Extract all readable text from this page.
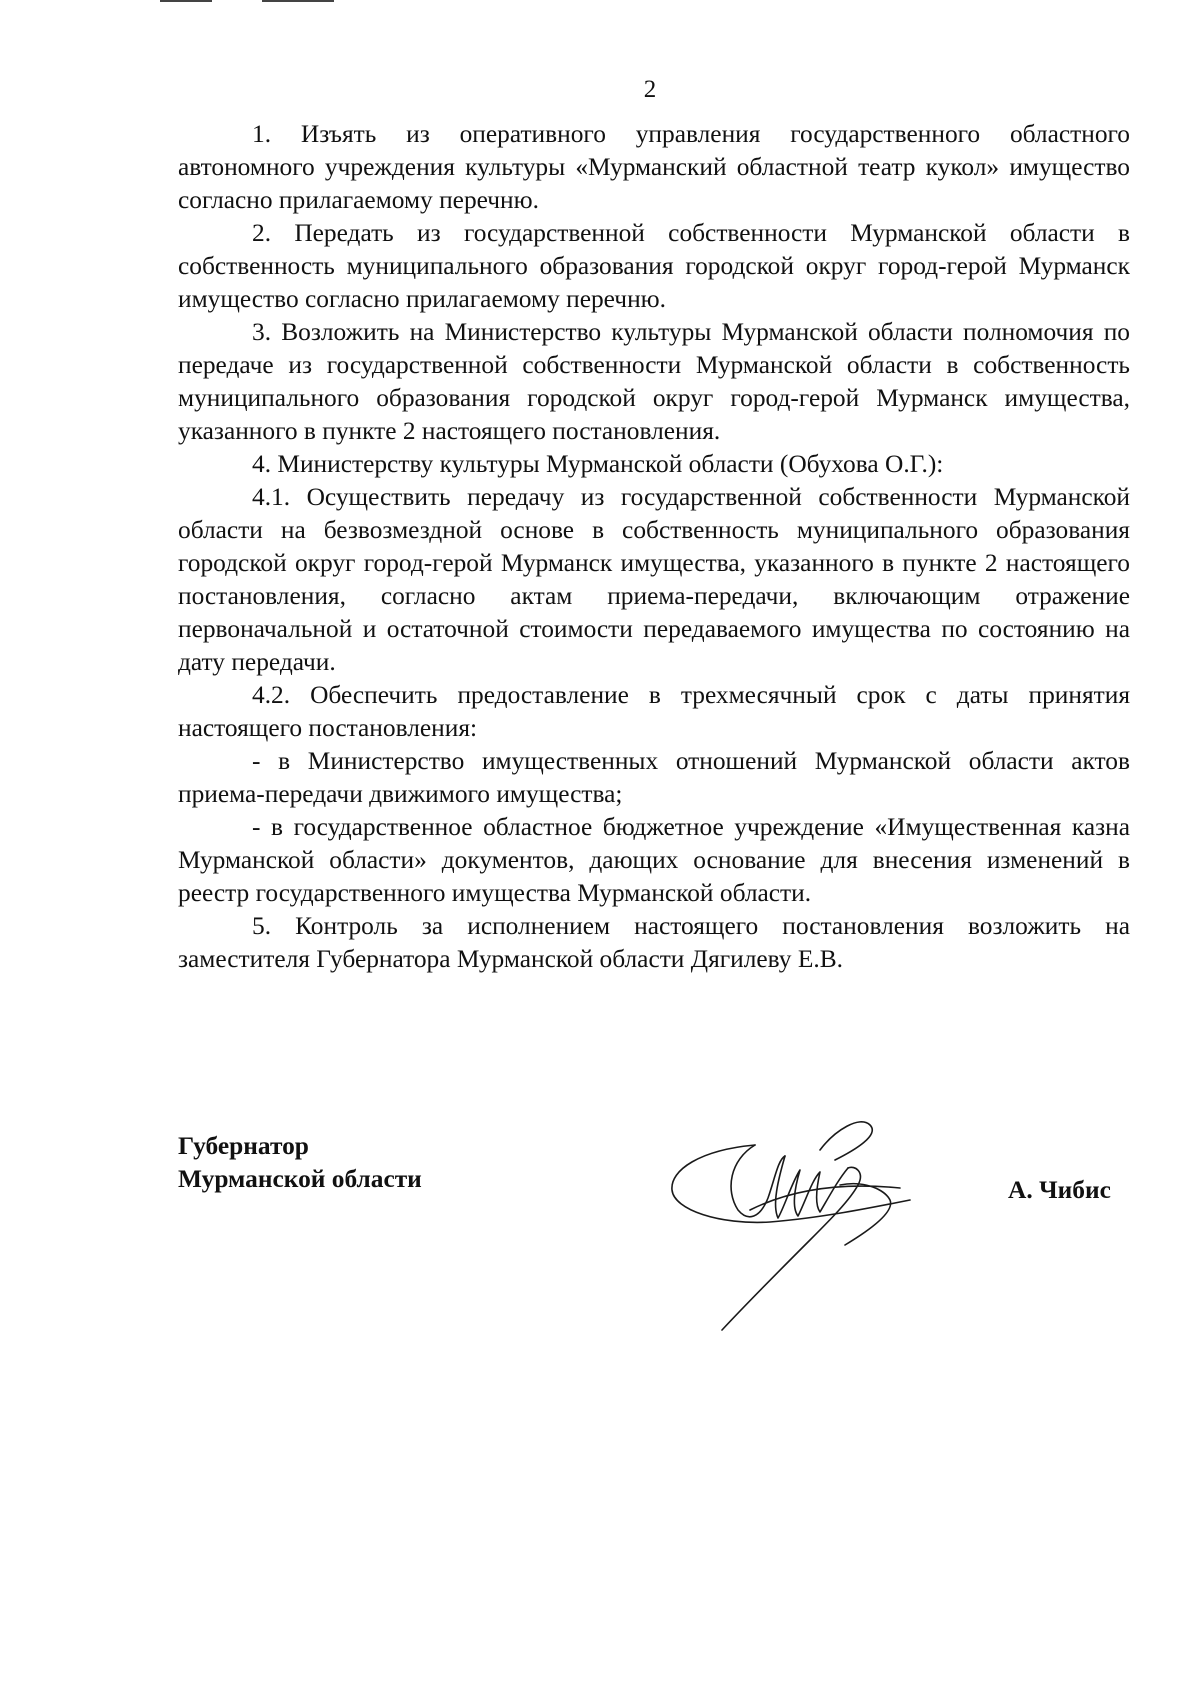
2

1. Изъять из оперативного управления государственного областного автономного учреждения культуры «Мурманский областной театр кукол» имущество согласно прилагаемому перечню.

2. Передать из государственной собственности Мурманской области в собственность муниципального образования городской округ город-герой Мурманск имущество согласно прилагаемому перечню.

3. Возложить на Министерство культуры Мурманской области полномочия по передаче из государственной собственности Мурманской области в собственность муниципального образования городской округ город-герой Мурманск имущества, указанного в пункте 2 настоящего постановления.

4. Министерству культуры Мурманской области (Обухова О.Г.):

4.1. Осуществить передачу из государственной собственности Мурманской области на безвозмездной основе в собственность муниципального образования городской округ город-герой Мурманск имущества, указанного в пункте 2 настоящего постановления, согласно актам приема-передачи, включающим отражение первоначальной и остаточной стоимости передаваемого имущества по состоянию на дату передачи.

4.2. Обеспечить предоставление в трехмесячный срок с даты принятия настоящего постановления:

- в Министерство имущественных отношений Мурманской области актов приема-передачи движимого имущества;

- в государственное областное бюджетное учреждение «Имущественная казна Мурманской области» документов, дающих основание для внесения изменений в реестр государственного имущества Мурманской области.

5. Контроль за исполнением настоящего постановления возложить на заместителя Губернатора Мурманской области Дягилеву Е.В.

Губернатор
Мурманской области	А. Чибис
